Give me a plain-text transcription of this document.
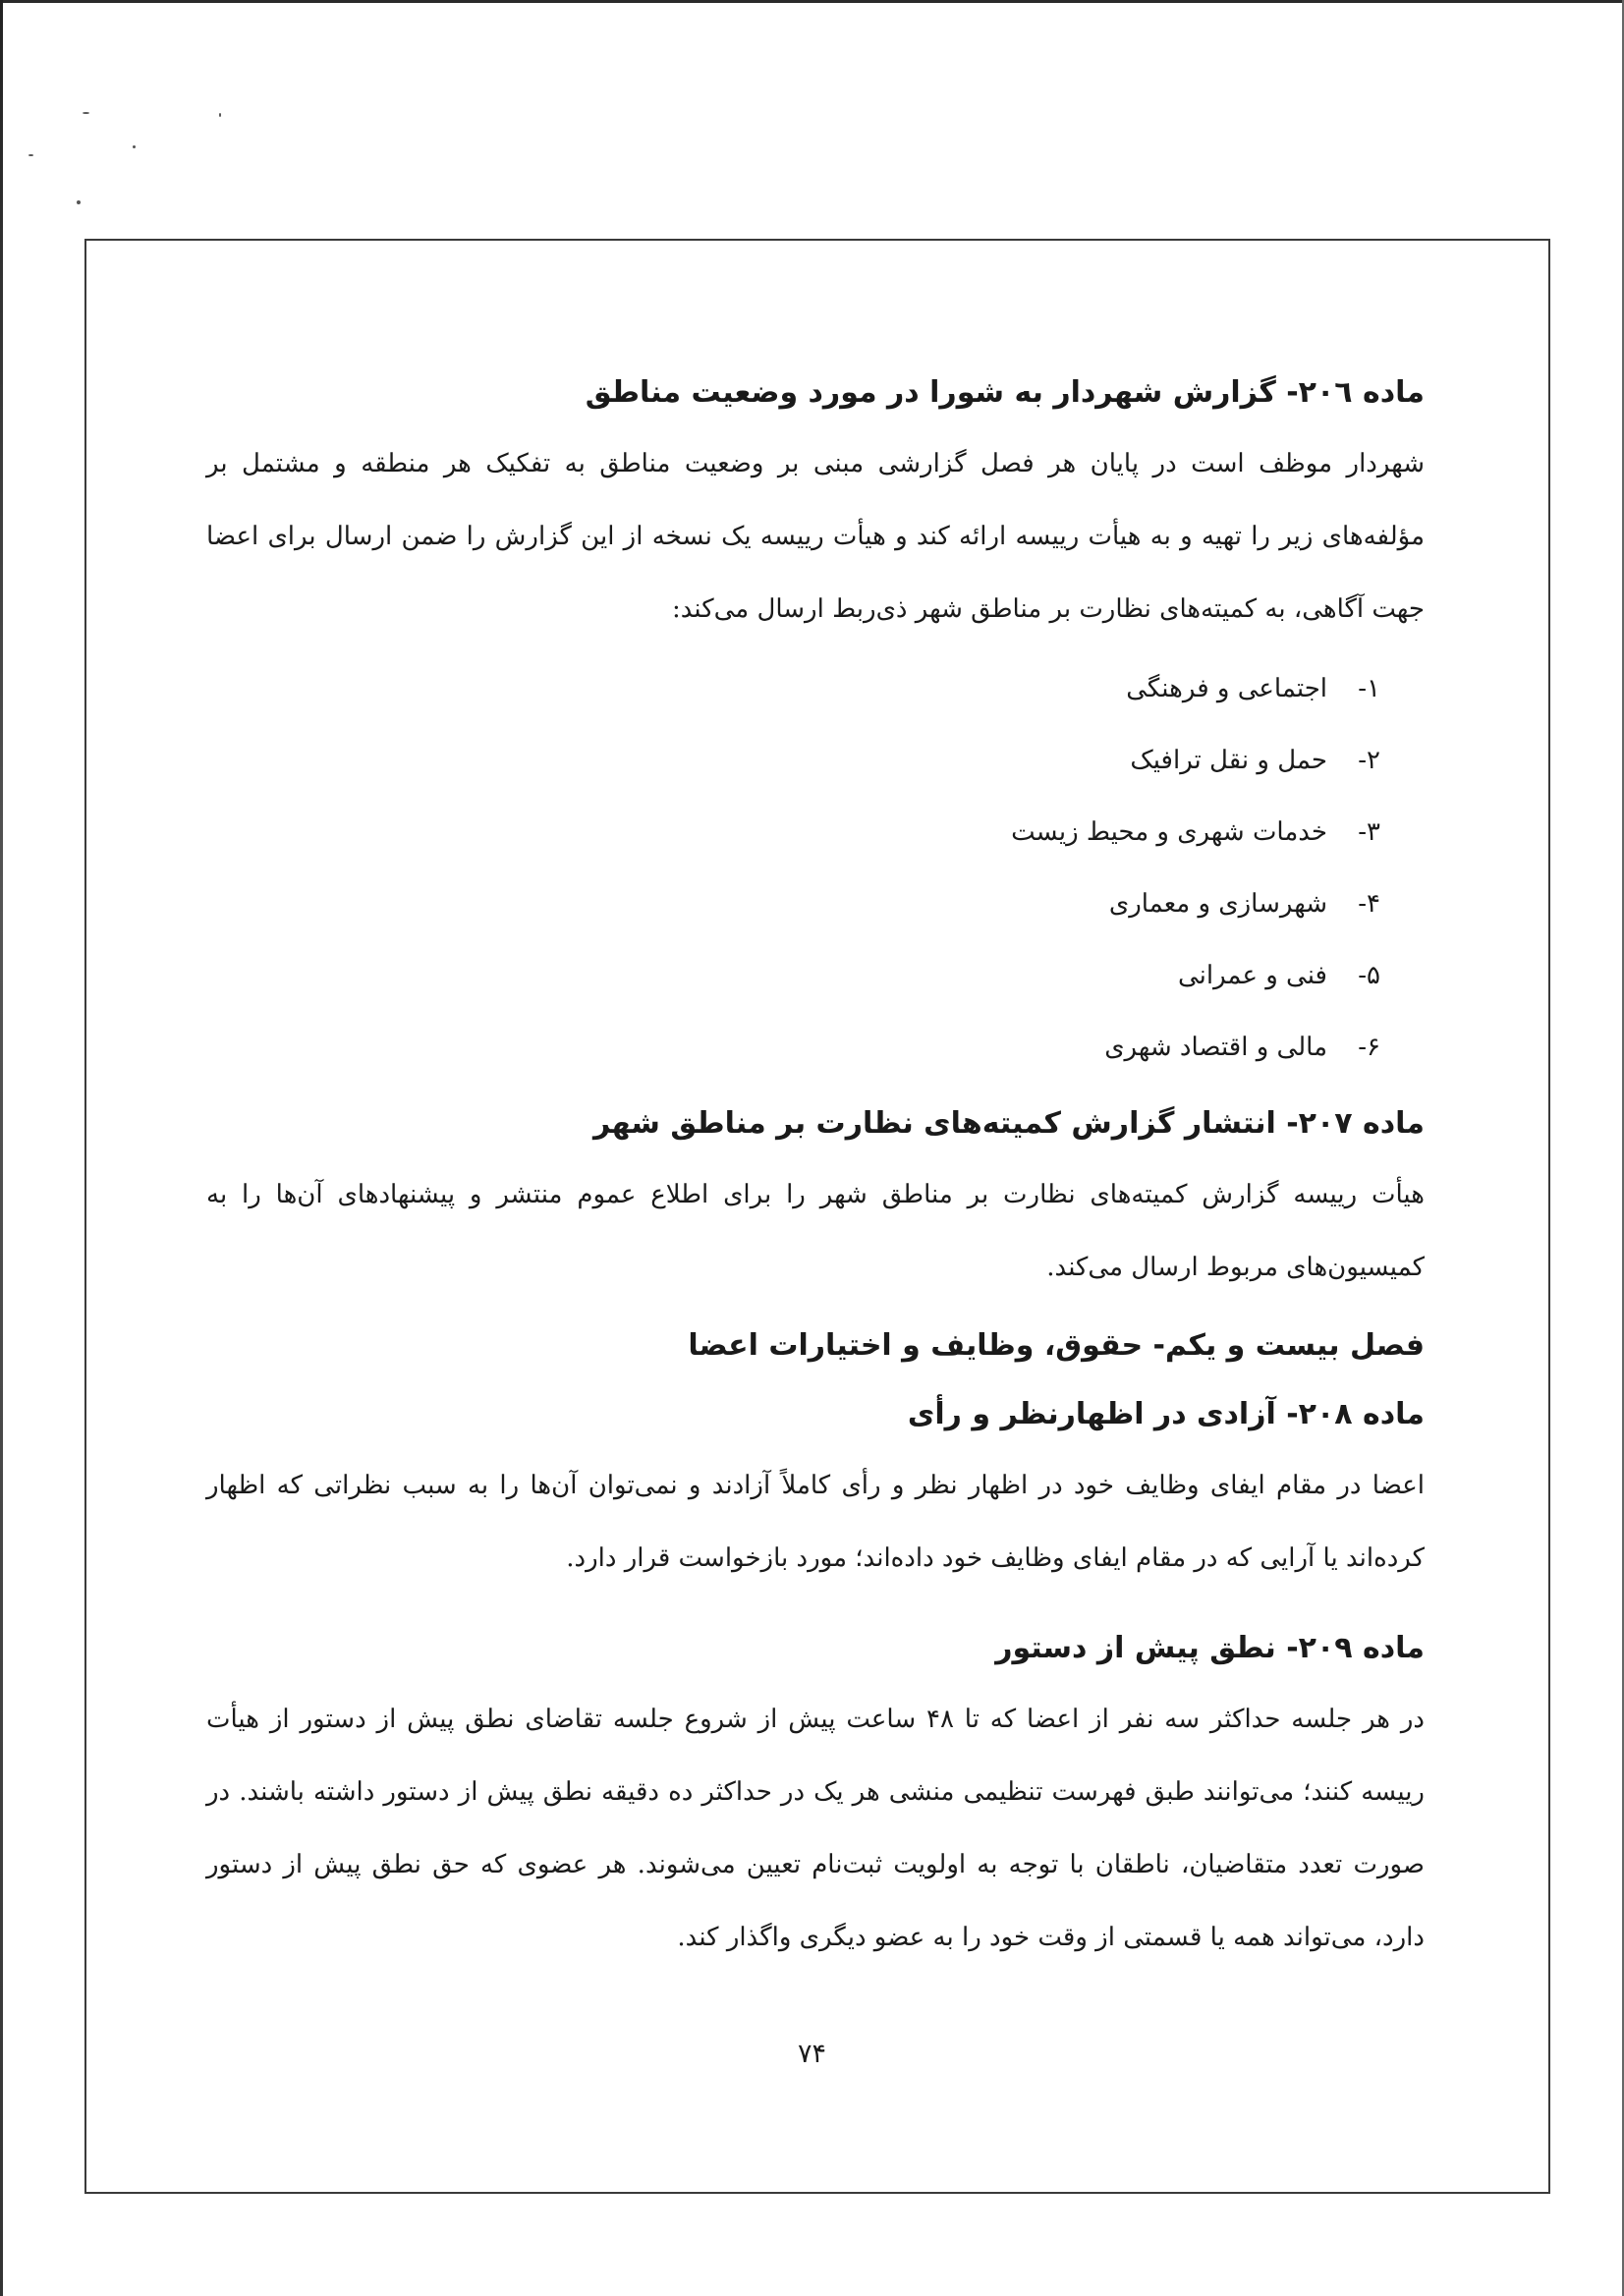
ماده ۲۰٦- گزارش شهردار به شورا در مورد وضعیت مناطق

شهردار موظف است در پایان هر فصل گزارشی مبنی بر وضعیت مناطق به تفکیک هر منطقه و مشتمل بر مؤلفه‌های زیر را تهیه و به هیأت رییسه ارائه کند و هیأت رییسه یک نسخه از این گزارش را ضمن ارسال برای اعضا جهت آگاهی، به کمیته‌های نظارت بر مناطق شهر ذی‌ربط ارسال می‌کند:

۱-اجتماعی و فرهنگی
۲-حمل و نقل ترافیک
۳-خدمات شهری و محیط زیست
۴-شهرسازی و معماری
۵-فنی و عمرانی
۶-مالی و اقتصاد شهری
ماده ۲۰۷- انتشار گزارش کمیته‌های نظارت بر مناطق شهر

هیأت رییسه گزارش کمیته‌های نظارت بر مناطق شهر را برای اطلاع عموم منتشر و پیشنهادهای آن‌ها را به کمیسیون‌های مربوط ارسال می‌کند.

فصل بیست و یکم- حقوق، وظایف و اختیارات اعضا
ماده ۲۰۸- آزادی در اظهارنظر و رأی

اعضا در مقام ایفای وظایف خود در اظهار نظر و رأی کاملاً آزادند و نمی‌توان آن‌ها را به سبب نظراتی که اظهار کرده‌اند یا آرایی که در مقام ایفای وظایف خود داده‌اند؛ مورد بازخواست قرار دارد.

ماده ۲۰۹- نطق پیش از دستور

در هر جلسه حداکثر سه نفر از اعضا که تا ۴۸ ساعت پیش از شروع جلسه تقاضای نطق پیش از دستور از هیأت رییسه کنند؛ می‌توانند طبق فهرست تنظیمی منشی هر یک در حداکثر ده دقیقه نطق پیش از دستور داشته باشند. در صورت تعدد متقاضیان، ناطقان با توجه به اولویت ثبت‌نام تعیین می‌شوند. هر عضوی که حق نطق پیش از دستور دارد، می‌تواند همه یا قسمتی از وقت خود را به عضو دیگری واگذار کند.

۷۴
